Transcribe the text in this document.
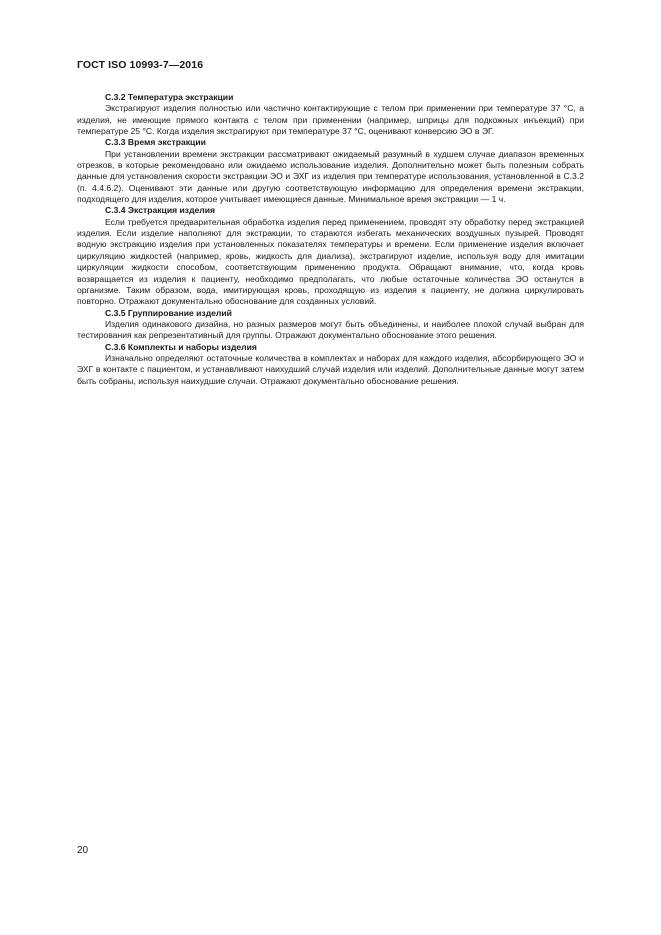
ГОСТ ISO 10993-7—2016

С.3.2 Температура экстракции

Экстрагируют изделия полностью или частично контактирующие с телом при применении при температуре 37 °С, а изделия, не имеющие прямого контакта с телом при применении (например, шприцы для подкожных инъекций) при температуре 25 °С. Когда изделия экстрагируют при температуре 37 °С, оценивают конверсию ЭО в ЭГ.

С.3.3 Время экстракции

При установлении времени экстракции рассматривают ожидаемый разумный в худшем случае диапазон временных отрезков, в которые рекомендовано или ожидаемо использование изделия. Дополнительно может быть полезным собрать данные для установления скорости экстракции ЭО и ЭХГ из изделия при температуре использования, установленной в С.3.2 (п. 4.4.6.2). Оценивают эти данные или другую соответствующую информацию для определения времени экстракции, подходящего для изделия, которое учитывает имеющиеся данные. Минимальное время экстракции — 1 ч.

С.3.4 Экстракция изделия

Если требуется предварительная обработка изделия перед применением, проводят эту обработку перед экстракцией изделия. Если изделие наполняют для экстракции, то стараются избегать механических воздушных пузырей. Проводят водную экстракцию изделия при установленных показателях температуры и времени. Если применение изделия включает циркуляцию жидкостей (например, кровь, жидкость для диализа), экстрагируют изделие, используя воду для имитации циркуляции жидкости способом, соответствующим применению продукта. Обращают внимание, что, когда кровь возвращается из изделия к пациенту, необходимо предполагать, что любые остаточные количества ЭО останутся в организме. Таким образом, вода, имитирующая кровь, проходящую из изделия к пациенту, не должна циркулировать повторно. Отражают документально обоснование для созданных условий.

С.3.5 Группирование изделий

Изделия одинакового дизайна, но разных размеров могут быть объединены, и наиболее плохой случай выбран для тестирования как репрезентативный для группы. Отражают документально обоснование этого решения.

С.3.6 Комплекты и наборы изделия

Изначально определяют остаточные количества в комплектах и наборах для каждого изделия, абсорбирующего ЭО и ЭХГ в контакте с пациентом, и устанавливают наихудший случай изделия или изделий. Дополнительные данные могут затем быть собраны, используя наихудшие случаи. Отражают документально обоснование решения.

20
